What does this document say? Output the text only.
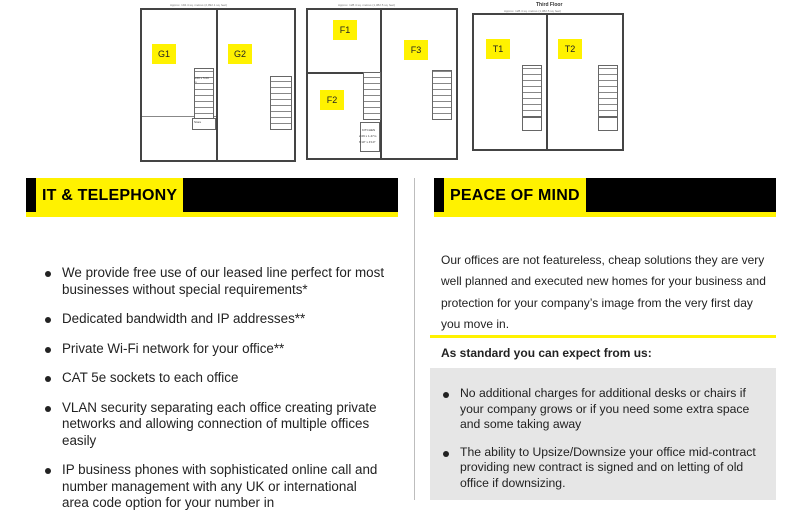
Approx. 194.4 sq. metres (2,092.1 sq. feet)
4.60 x 5.00 m
Store
G1	G2
Approx. 128.4 sq. metres (1,382.5 sq. feet)
KITCHEN
2.09 x 1.47m
6'10" x 4'10"
F1
F3
F2
Third Floor
Approx. 128.4 sq. metres (1,382.5 sq. feet)
T1	T2
IT & TELEPHONY	PEACE OF MIND
We provide free use of our leased line perfect for most businesses without special requirements*
Dedicated bandwidth and IP addresses**
Private Wi-Fi network for your office**
CAT 5e sockets to each office
VLAN security separating each office creating private networks and allowing connection of multiple offices easily
IP business phones with sophisticated online call and number management with any UK or international area code option for your number in
Our offices are not featureless, cheap solutions they are very well planned and executed new homes for your business and protection for your company’s image from the very first day you move in.
As standard you can expect from us:
No additional charges for additional desks or chairs if your company grows or if you need some extra space and some taking away
The ability to Upsize/Downsize your office mid-contract providing new contract is signed and on letting of old office if downsizing.
